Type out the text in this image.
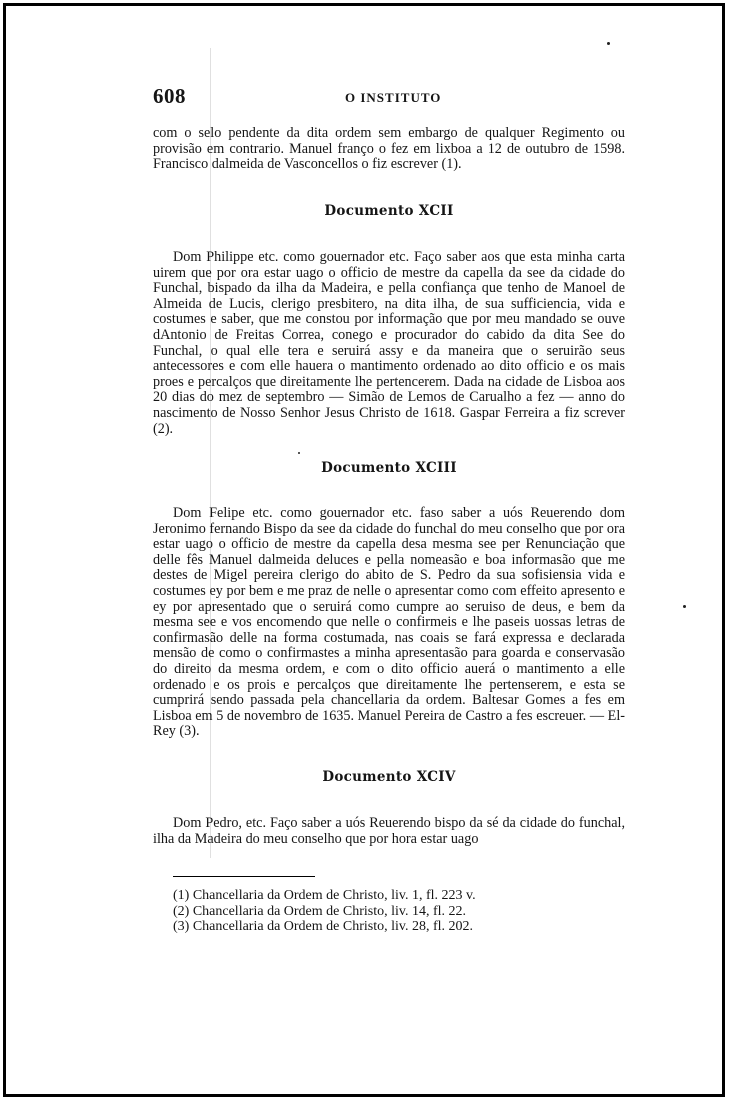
608	O INSTITUTO
com o selo pendente da dita ordem sem embargo de qualquer Regimento ou provisão em contrario. Manuel franço o fez em lixboa a 12 de outubro de 1598. Francisco dalmeida de Vasconcellos o fiz escrever (1).
Documento XCII
Dom Philippe etc. como gouernador etc. Faço saber aos que esta minha carta uirem que por ora estar uago o officio de mestre da capella da see da cidade do Funchal, bispado da ilha da Madeira, e pella confiança que tenho de Manoel de Almeida de Lucis, clerigo presbitero, na dita ilha, de sua sufficiencia, vida e costumes e saber, que me constou por informação que por meu mandado se ouve dAntonio de Freitas Correa, conego e procurador do cabido da dita See do Funchal, o qual elle tera e seruirá assy e da maneira que o seruirão seus antecessores e com elle hauera o mantimento ordenado ao dito officio e os mais proes e percalços que direitamente lhe pertencerem. Dada na cidade de Lisboa aos 20 dias do mez de septembro — Simão de Lemos de Carualho a fez — anno do nascimento de Nosso Senhor Jesus Christo de 1618. Gaspar Ferreira a fiz screver (2).
Documento XCIII
Dom Felipe etc. como gouernador etc. faso saber a uós Reuerendo dom Jeronimo fernando Bispo da see da cidade do funchal do meu conselho que por ora estar uago o officio de mestre da capella desa mesma see per Renunciação que delle fês Manuel dalmeida deluces e pella nomeasão e boa informasão que me destes de Migel pereira clerigo do abito de S. Pedro da sua sofisiensia vida e costumes ey por bem e me praz de nelle o apresentar como com effeito apresento e ey por apresentado que o seruirá como cumpre ao seruiso de deus, e bem da mesma see e vos encomendo que nelle o confirmeis e lhe paseis uossas letras de confirmasão delle na forma costumada, nas coais se fará expressa e declarada mensão de como o confirmastes a minha apresentasão para goarda e conservasão do direito da mesma ordem, e com o dito officio auerá o mantimento a elle ordenado e os prois e percalços que direitamente lhe pertenserem, e esta se cumprirá sendo passada pela chancellaria da ordem. Baltesar Gomes a fes em Lisboa em 5 de novembro de 1635. Manuel Pereira de Castro a fes escreuer. — El-Rey (3).
Documento XCIV
Dom Pedro, etc. Faço saber a uós Reuerendo bispo da sé da cidade do funchal, ilha da Madeira do meu conselho que por hora estar uago
(1) Chancellaria da Ordem de Christo, liv. 1, fl. 223 v.
(2) Chancellaria da Ordem de Christo, liv. 14, fl. 22.
(3) Chancellaria da Ordem de Christo, liv. 28, fl. 202.
